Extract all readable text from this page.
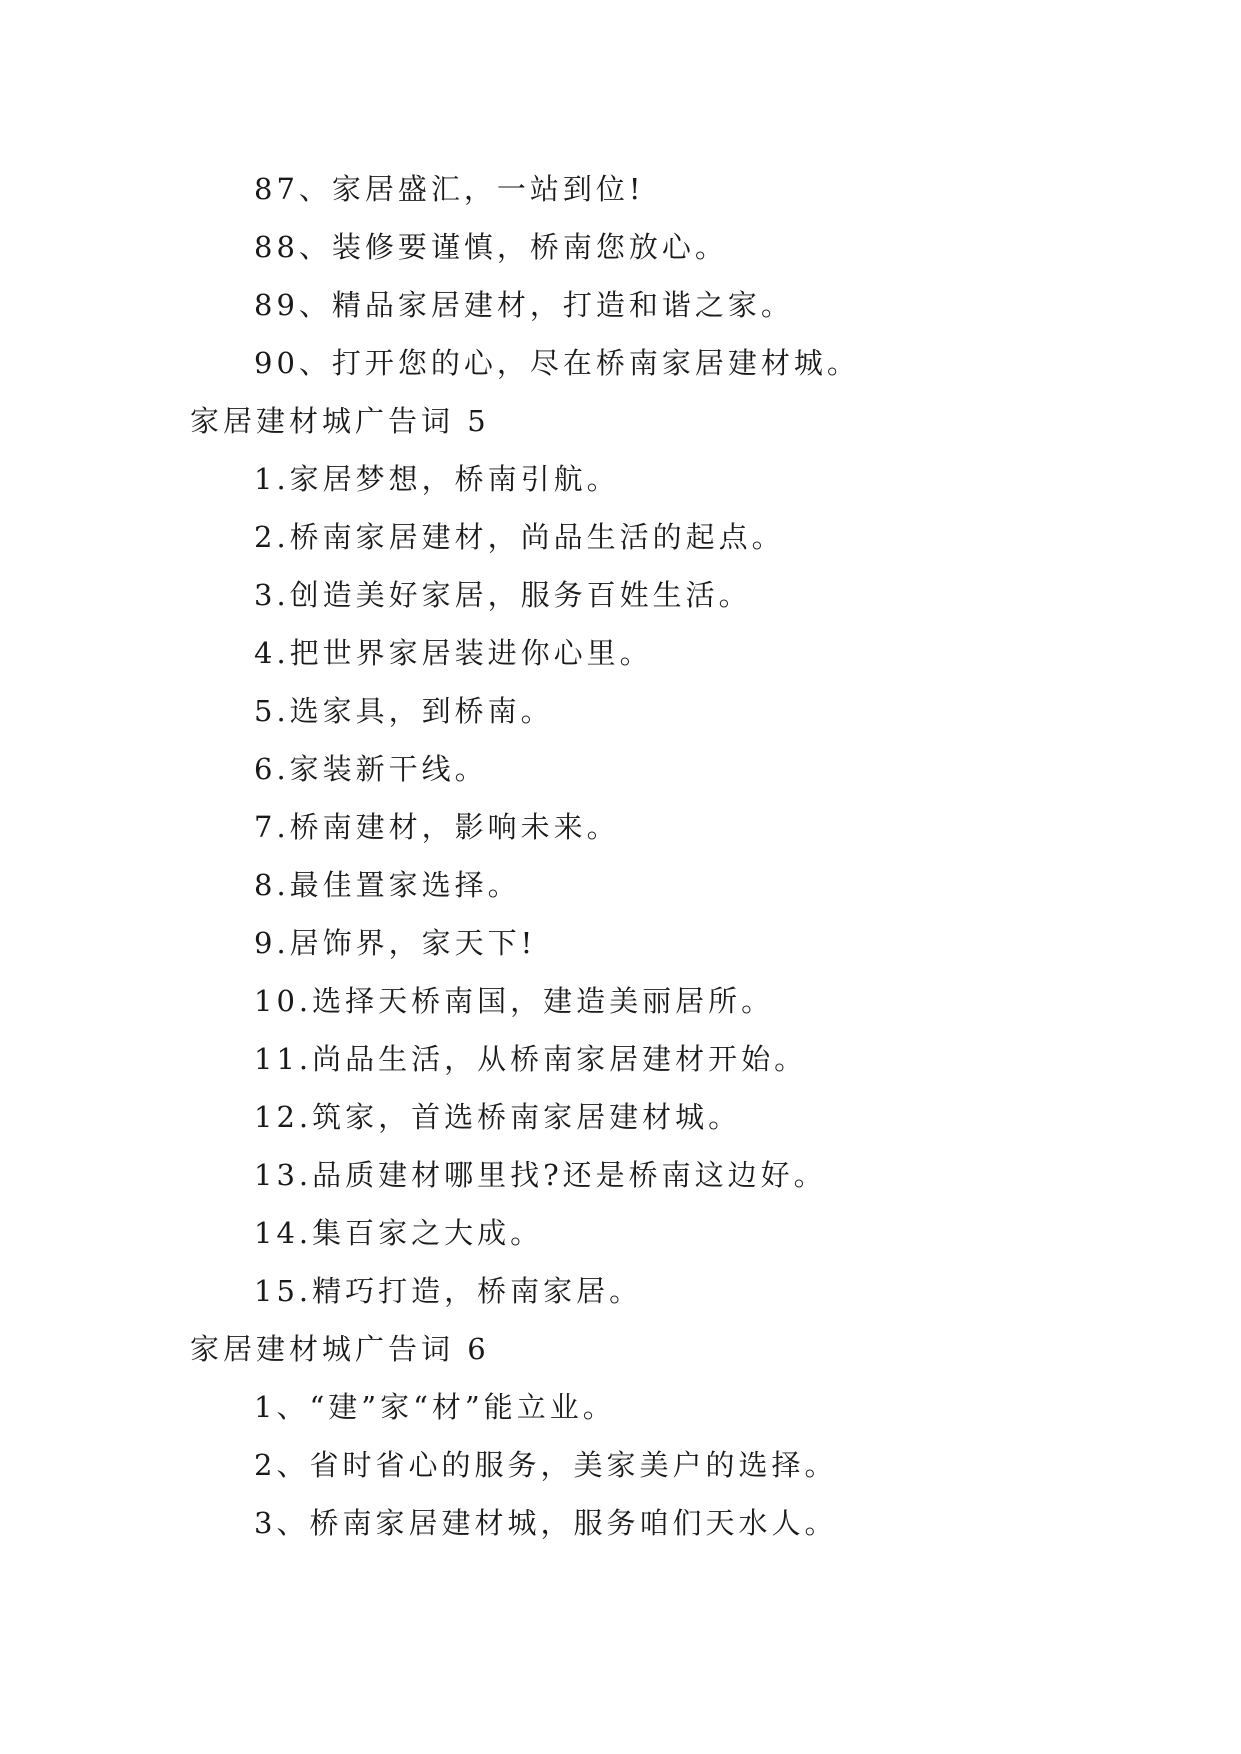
87、家居盛汇，一站到位!
88、装修要谨慎，桥南您放心。
89、精品家居建材，打造和谐之家。
90、打开您的心，尽在桥南家居建材城。
家居建材城广告词 5
1.家居梦想，桥南引航。
2.桥南家居建材，尚品生活的起点。
3.创造美好家居，服务百姓生活。
4.把世界家居装进你心里。
5.选家具，到桥南。
6.家装新干线。
7.桥南建材，影响未来。
8.最佳置家选择。
9.居饰界，家天下!
10.选择天桥南国，建造美丽居所。
11.尚品生活，从桥南家居建材开始。
12.筑家，首选桥南家居建材城。
13.品质建材哪里找?还是桥南这边好。
14.集百家之大成。
15.精巧打造，桥南家居。
家居建材城广告词 6
1、“建”家“材”能立业。
2、省时省心的服务，美家美户的选择。
3、桥南家居建材城，服务咱们天水人。
